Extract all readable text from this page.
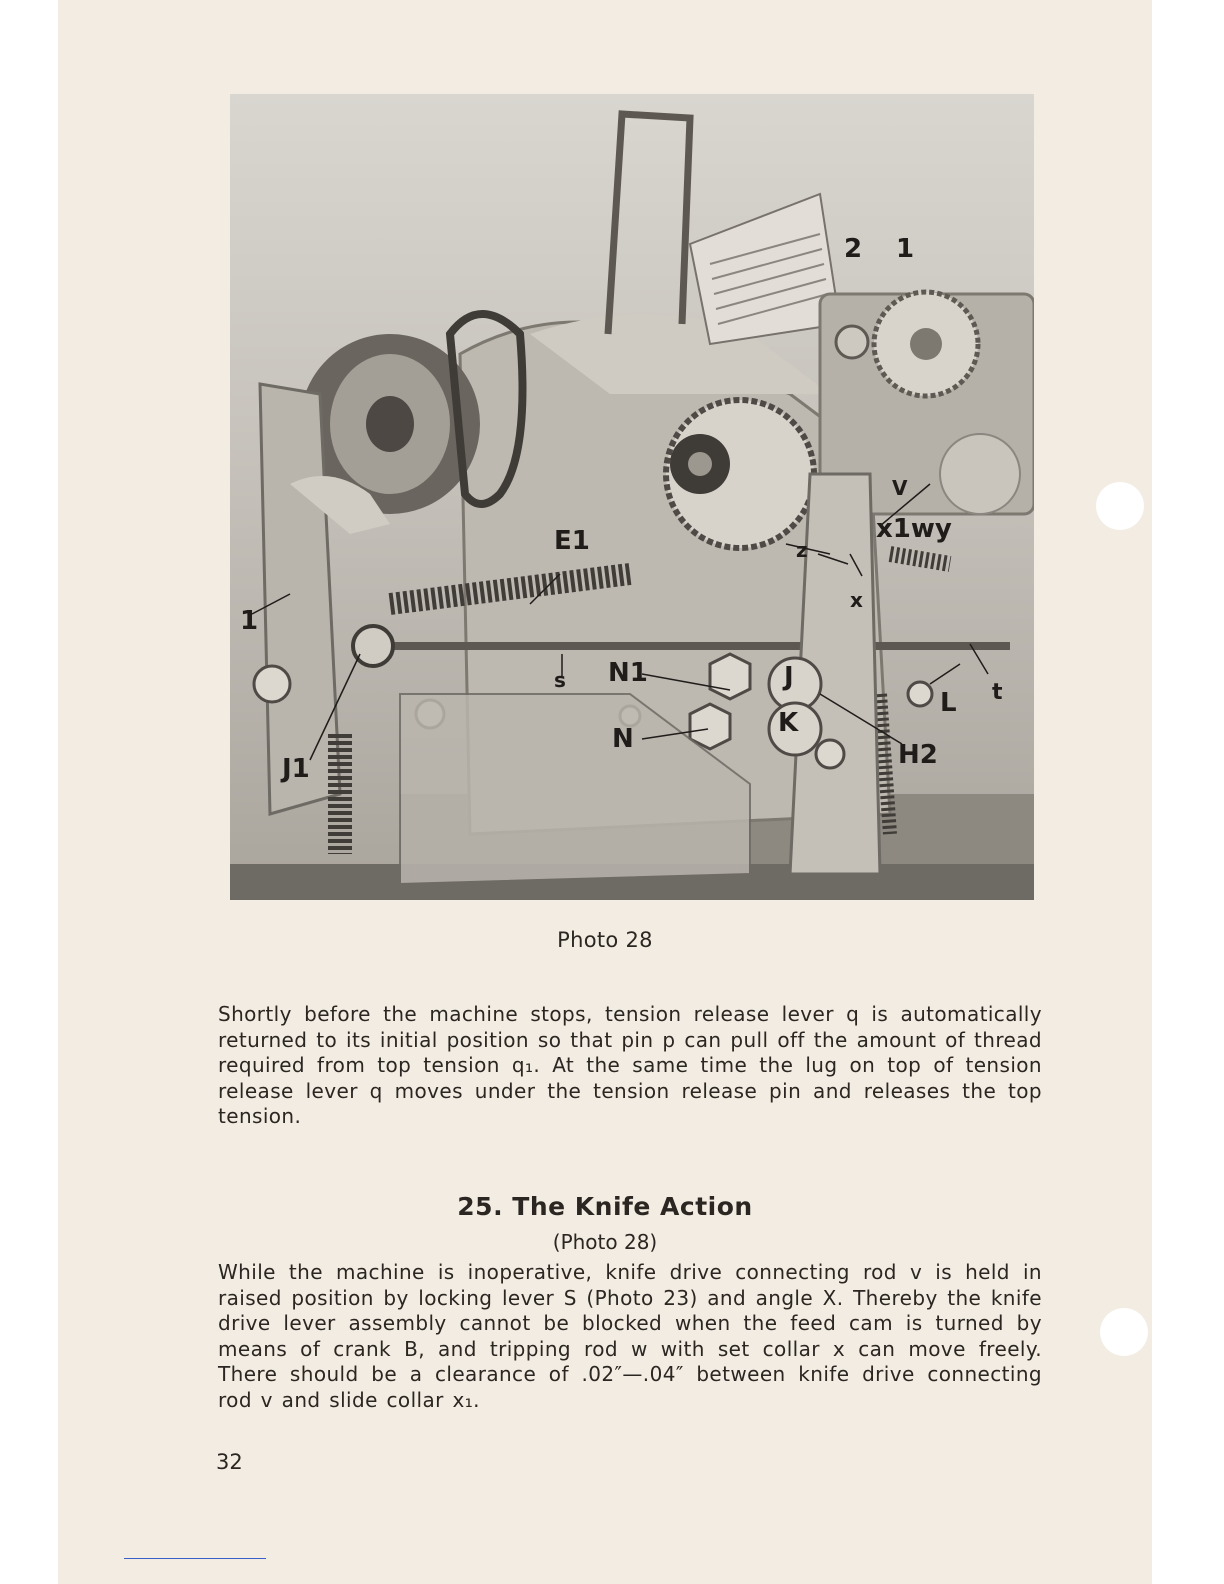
2 1
V
x1wy
E1	z
x
1
s N1	J
L t
N
K
H2
J1
Photo 28

Shortly before the machine stops, tension release lever q is automatically returned to its initial position so that pin p can pull off the amount of thread required from top tension q₁. At the same time the lug on top of tension release lever q moves under the tension release pin and releases the top tension.

25. The Knife Action
(Photo 28)

While the machine is inoperative, knife drive connecting rod v is held in raised position by locking lever S (Photo 23) and angle X. Thereby the knife drive lever assembly cannot be blocked when the feed cam is turned by means of crank B, and tripping rod w with set collar x can move freely. There should be a clearance of .02″—.04″ between knife drive connecting rod v and slide collar x₁.

32
